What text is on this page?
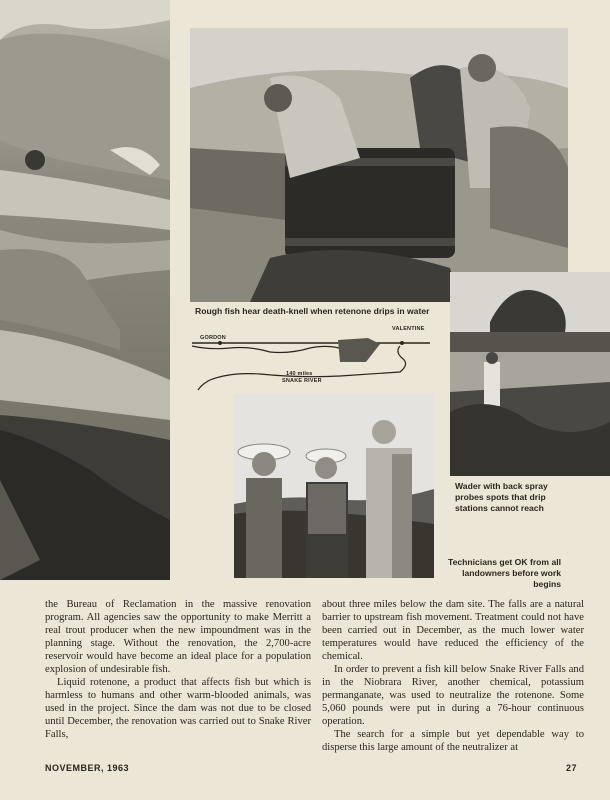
Rough fish hear death-knell when retenone drips in water
GORDON
VALENTINE
140 miles
SNAKE RIVER
Wader with back spray probes spots that drip stations cannot reach
Technicians get OK from all landowners before work begins

the Bureau of Reclamation in the massive renovation program. All agencies saw the opportunity to make Merritt a real trout producer when the new impoundment was in the planning stage. Without the renovation, the 2,700-acre reservoir would have become an ideal place for a population explosion of undesirable fish.

Liquid rotenone, a product that affects fish but which is harmless to humans and other warm-blooded animals, was used in the project. Since the dam was not due to be closed until December, the renovation was carried out to Snake River Falls,

about three miles below the dam site. The falls are a natural barrier to upstream fish movement. Treatment could not have been carried out in December, as the much lower water temperatures would have reduced the efficiency of the chemical.

In order to prevent a fish kill below Snake River Falls and in the Niobrara River, another chemical, potassium permanganate, was used to neutralize the rotenone. Some 5,060 pounds were put in during a 76-hour continuous operation.

The search for a simple but yet dependable way to disperse this large amount of the neutralizer at

NOVEMBER, 1963	27
